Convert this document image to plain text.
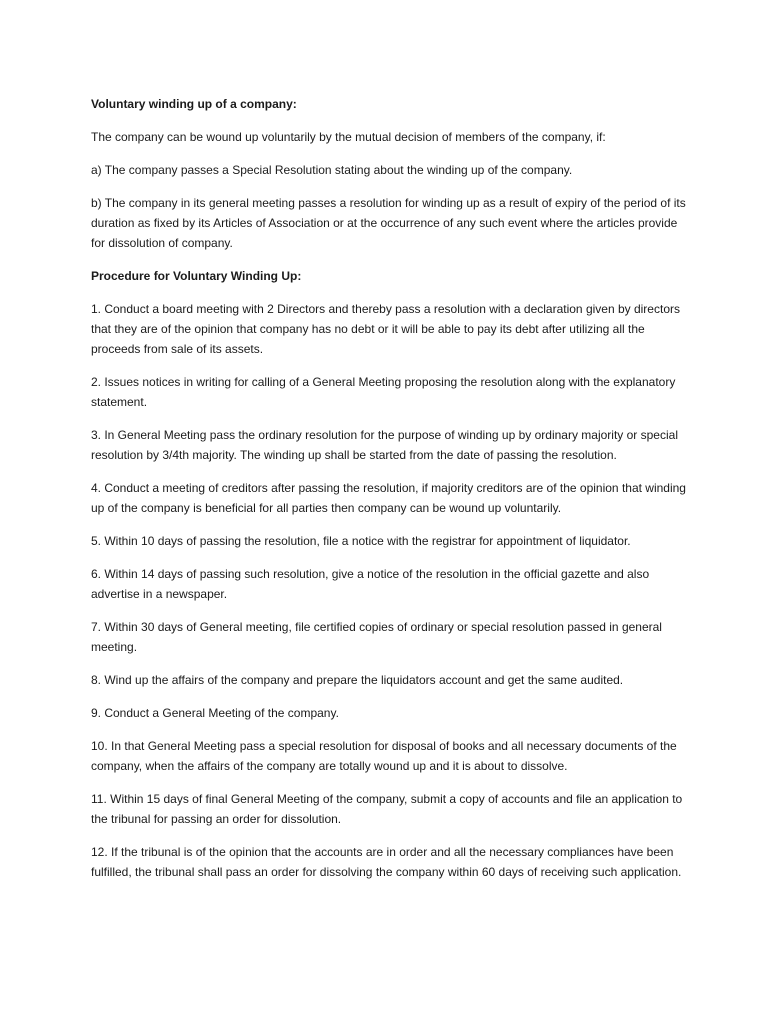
Voluntary winding up of a company:

The company can be wound up voluntarily by the mutual decision of members of the company, if:

a) The company passes a Special Resolution stating about the winding up of the company.

b) The company in its general meeting passes a resolution for winding up as a result of expiry of the period of its duration as fixed by its Articles of Association or at the occurrence of any such event where the articles provide for dissolution of company.

Procedure for Voluntary Winding Up:

1. Conduct a board meeting with 2 Directors and thereby pass a resolution with a declaration given by directors that they are of the opinion that company has no debt or it will be able to pay its debt after utilizing all the proceeds from sale of its assets.

2. Issues notices in writing for calling of a General Meeting proposing the resolution along with the explanatory statement.

3. In General Meeting pass the ordinary resolution for the purpose of winding up by ordinary majority or special resolution by 3/4th majority. The winding up shall be started from the date of passing the resolution.

4. Conduct a meeting of creditors after passing the resolution, if majority creditors are of the opinion that winding up of the company is beneficial for all parties then company can be wound up voluntarily.

5. Within 10 days of passing the resolution, file a notice with the registrar for appointment of liquidator.

6. Within 14 days of passing such resolution, give a notice of the resolution in the official gazette and also advertise in a newspaper.

7. Within 30 days of General meeting, file certified copies of ordinary or special resolution passed in general meeting.

8. Wind up the affairs of the company and prepare the liquidators account and get the same audited.

9. Conduct a General Meeting of the company.

10. In that General Meeting pass a special resolution for disposal of books and all necessary documents of the company, when the affairs of the company are totally wound up and it is about to dissolve.

11. Within 15 days of final General Meeting of the company, submit a copy of accounts and file an application to the tribunal for passing an order for dissolution.

12. If the tribunal is of the opinion that the accounts are in order and all the necessary compliances have been fulfilled, the tribunal shall pass an order for dissolving the company within 60 days of receiving such application.
